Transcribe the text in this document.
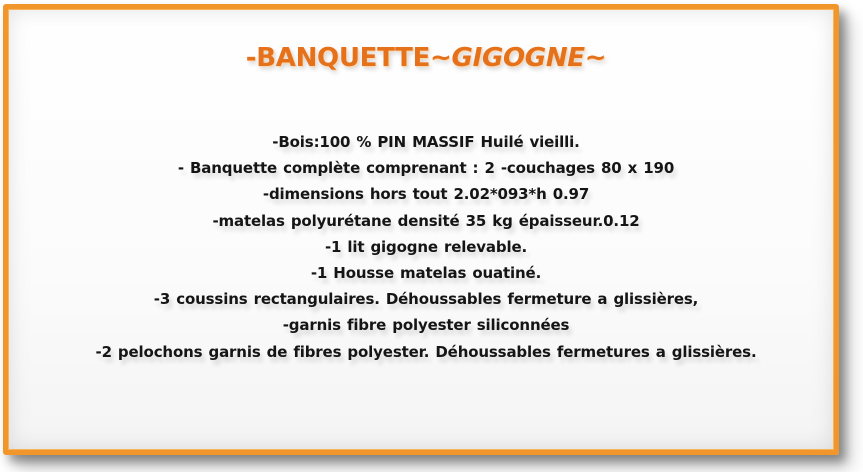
-BANQUETTE~GIGOGNE~
-Bois:100 % PIN MASSIF Huilé vieilli.
- Banquette complète comprenant : 2 -couchages 80 x 190
-dimensions hors tout 2.02*093*h 0.97
-matelas polyurétane densité 35 kg épaisseur.0.12
-1 lit gigogne relevable.
-1 Housse matelas ouatiné.
-3 coussins rectangulaires. Déhoussables fermeture a glissières,
-garnis fibre polyester siliconnées
-2 pelochons garnis de fibres polyester. Déhoussables fermetures a glissières.
